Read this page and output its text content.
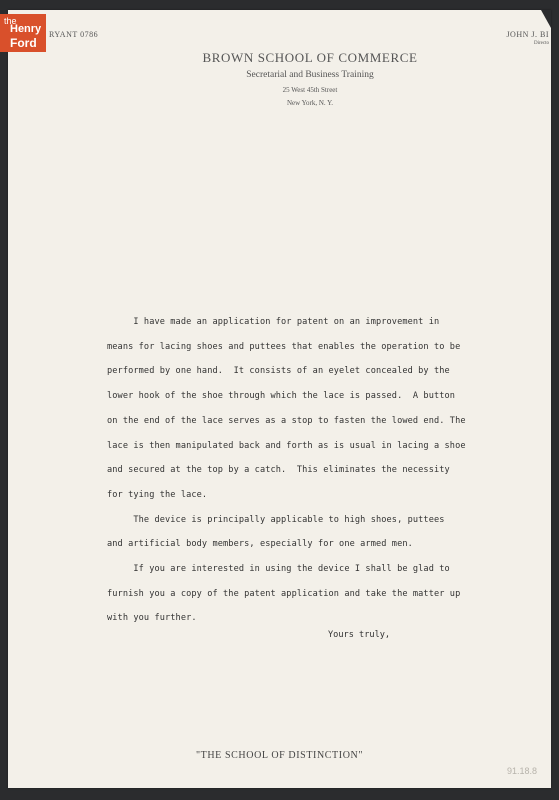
the
Henry
Ford
RYANT 0786	JOHN J. BI
Directo
BROWN SCHOOL OF COMMERCE
Secretarial and Business Training
25 West 45th Street
New York, N. Y.
I have made an application for patent on an improvement in
means for lacing shoes and puttees that enables the operation to be
performed by one hand.  It consists of an eyelet concealed by the
lower hook of the shoe through which the lace is passed.  A button
on the end of the lace serves as a stop to fasten the lowed end. The
lace is then manipulated back and forth as is usual in lacing a shoe
and secured at the top by a catch.  This eliminates the necessity
for tying the lace.
The device is principally applicable to high shoes, puttees
and artificial body members, especially for one armed men.
If you are interested in using the device I shall be glad to
furnish you a copy of the patent application and take the matter up
with you further.
Yours truly,
"THE SCHOOL OF DISTINCTION"
91.18.8
